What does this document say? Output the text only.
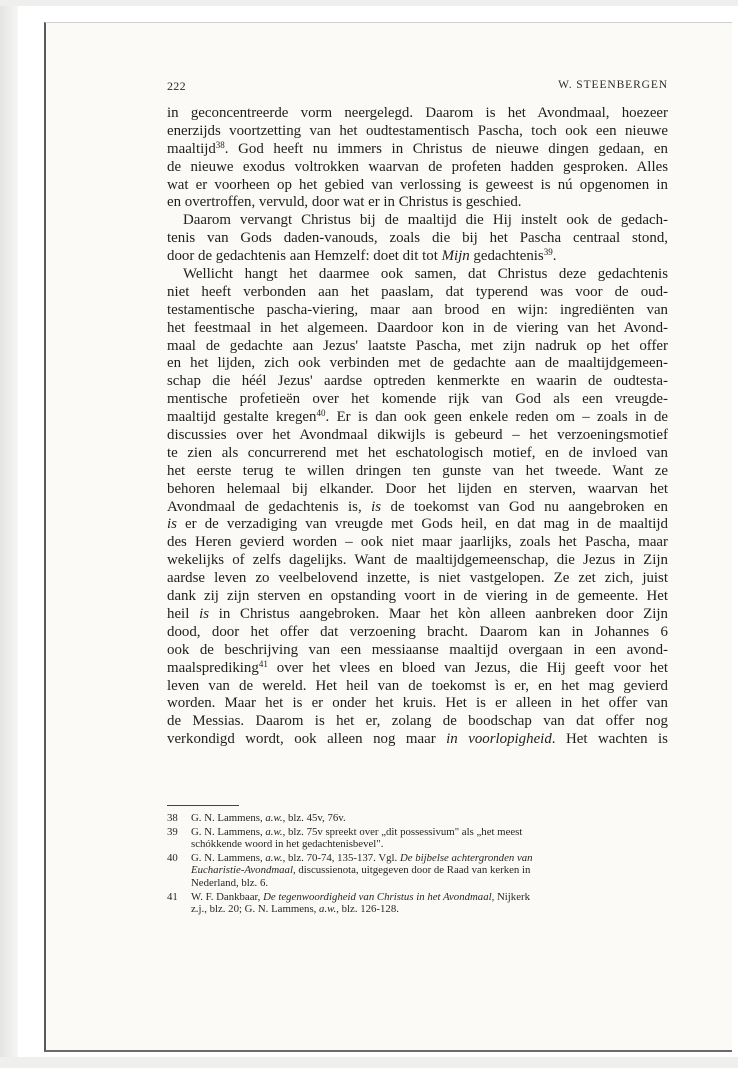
222	W. STEENBERGEN
in geconcentreerde vorm neergelegd. Daarom is het Avondmaal, hoezeer
enerzijds voortzetting van het oudtestamentisch Pascha, toch ook een nieuwe
maaltijd$^{38}$. God heeft nu immers in Christus de nieuwe dingen gedaan, en
de nieuwe exodus voltrokken waarvan de profeten hadden gesproken. Alles
wat er voorheen op het gebied van verlossing is geweest is nú opgenomen in
en overtroffen, vervuld, door wat er in Christus is geschied.
Daarom vervangt Christus bij de maaltijd die Hij instelt ook de gedach-
tenis van Gods daden-vanouds, zoals die bij het Pascha centraal stond,
door de gedachtenis aan Hemzelf: doet dit tot Mijn gedachtenis$^{39}$.
Wellicht hangt het daarmee ook samen, dat Christus deze gedachtenis
niet heeft verbonden aan het paaslam, dat typerend was voor de oud-
testamentische pascha-viering, maar aan brood en wijn: ingrediënten van
het feestmaal in het algemeen. Daardoor kon in de viering van het Avond-
maal de gedachte aan Jezus' laatste Pascha, met zijn nadruk op het offer
en het lijden, zich ook verbinden met de gedachte aan de maaltijdgemeen-
schap die héél Jezus' aardse optreden kenmerkte en waarin de oudtesta-
mentische profetieën over het komende rijk van God als een vreugde-
maaltijd gestalte kregen$^{40}$. Er is dan ook geen enkele reden om – zoals in de
discussies over het Avondmaal dikwijls is gebeurd – het verzoeningsmotief
te zien als concurrerend met het eschatologisch motief, en de invloed van
het eerste terug te willen dringen ten gunste van het tweede. Want ze
behoren helemaal bij elkander. Door het lijden en sterven, waarvan het
Avondmaal de gedachtenis is, is de toekomst van God nu aangebroken en
is er de verzadiging van vreugde met Gods heil, en dat mag in de maaltijd
des Heren gevierd worden – ook niet maar jaarlijks, zoals het Pascha, maar
wekelijks of zelfs dagelijks. Want de maaltijdgemeenschap, die Jezus in Zijn
aardse leven zo veelbelovend inzette, is niet vastgelopen. Ze zet zich, juist
dank zij zijn sterven en opstanding voort in de viering in de gemeente. Het
heil is in Christus aangebroken. Maar het kòn alleen aanbreken door Zijn
dood, door het offer dat verzoening bracht. Daarom kan in Johannes 6
ook de beschrijving van een messiaanse maaltijd overgaan in een avond-
maalsprediking$^{41}$ over het vlees en bloed van Jezus, die Hij geeft voor het
leven van de wereld. Het heil van de toekomst ìs er, en het mag gevierd
worden. Maar het is er onder het kruis. Het is er alleen in het offer van
de Messias. Daarom is het er, zolang de boodschap van dat offer nog
verkondigd wordt, ook alleen nog maar in voorlopigheid. Het wachten is
38 G. N. Lammens, a.w., blz. 45v, 76v.
39 G. N. Lammens, a.w., blz. 75v spreekt over „dit possessivum" als „het meest
schókkende woord in het gedachtenisbevel".
40 G. N. Lammens, a.w., blz. 70-74, 135-137. Vgl. De bijbelse achtergronden van
Eucharistie-Avondmaal, discussienota, uitgegeven door de Raad van kerken in
Nederland, blz. 6.
41 W. F. Dankbaar, De tegenwoordigheid van Christus in het Avondmaal, Nijkerk
z.j., blz. 20; G. N. Lammens, a.w., blz. 126-128.
